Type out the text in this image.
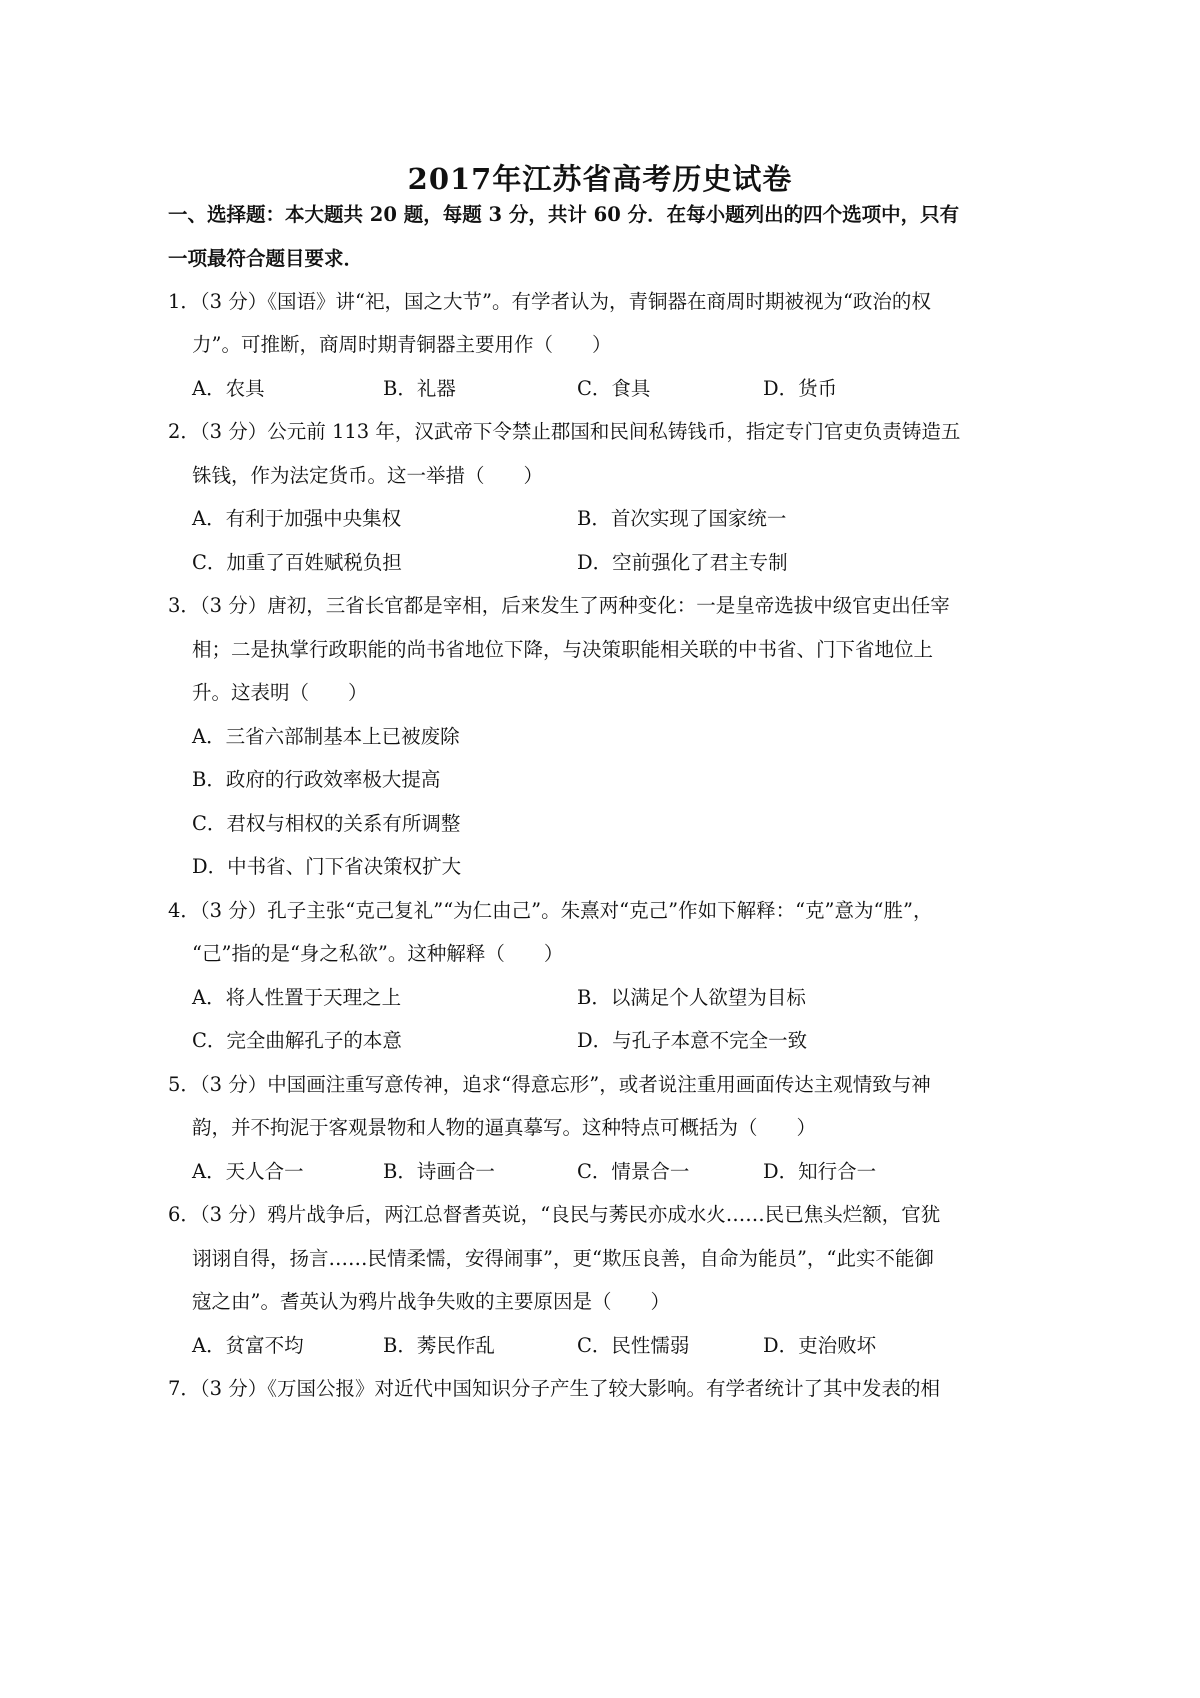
2017年江苏省高考历史试卷
一、选择题：本大题共 20 题，每题 3 分，共计 60 分．在每小题列出的四个选项中，只有
一项最符合题目要求．
1．（3 分）《国语》讲“祀，国之大节”。有学者认为，青铜器在商周时期被视为“政治的权
力”。可推断，商周时期青铜器主要用作（　　）
A．农具	B．礼器	C．食具	D．货币
2．（3 分）公元前 113 年，汉武帝下令禁止郡国和民间私铸钱币，指定专门官吏负责铸造五
铢钱，作为法定货币。这一举措（　　）
A．有利于加强中央集权	B．首次实现了国家统一
C．加重了百姓赋税负担	D．空前强化了君主专制
3．（3 分）唐初，三省长官都是宰相，后来发生了两种变化：一是皇帝选拔中级官吏出任宰
相；二是执掌行政职能的尚书省地位下降，与决策职能相关联的中书省、门下省地位上
升。这表明（　　）
A．三省六部制基本上已被废除
B．政府的行政效率极大提高
C．君权与相权的关系有所调整
D．中书省、门下省决策权扩大
4．（3 分）孔子主张“克己复礼”“为仁由己”。朱熹对“克己”作如下解释：“克”意为“胜”，
“己”指的是“身之私欲”。这种解释（　　）
A．将人性置于天理之上	B．以满足个人欲望为目标
C．完全曲解孔子的本意	D．与孔子本意不完全一致
5．（3 分）中国画注重写意传神，追求“得意忘形”，或者说注重用画面传达主观情致与神
韵，并不拘泥于客观景物和人物的逼真摹写。这种特点可概括为（　　）
A．天人合一	B．诗画合一	C．情景合一	D．知行合一
6．（3 分）鸦片战争后，两江总督耆英说，“良民与莠民亦成水火……民已焦头烂额，官犹
诩诩自得，扬言……民情柔懦，安得闹事”，更“欺压良善，自命为能员”，“此实不能御
寇之由”。耆英认为鸦片战争失败的主要原因是（　　）
A．贫富不均	B．莠民作乱	C．民性懦弱	D．吏治败坏
7．（3 分）《万国公报》对近代中国知识分子产生了较大影响。有学者统计了其中发表的相
